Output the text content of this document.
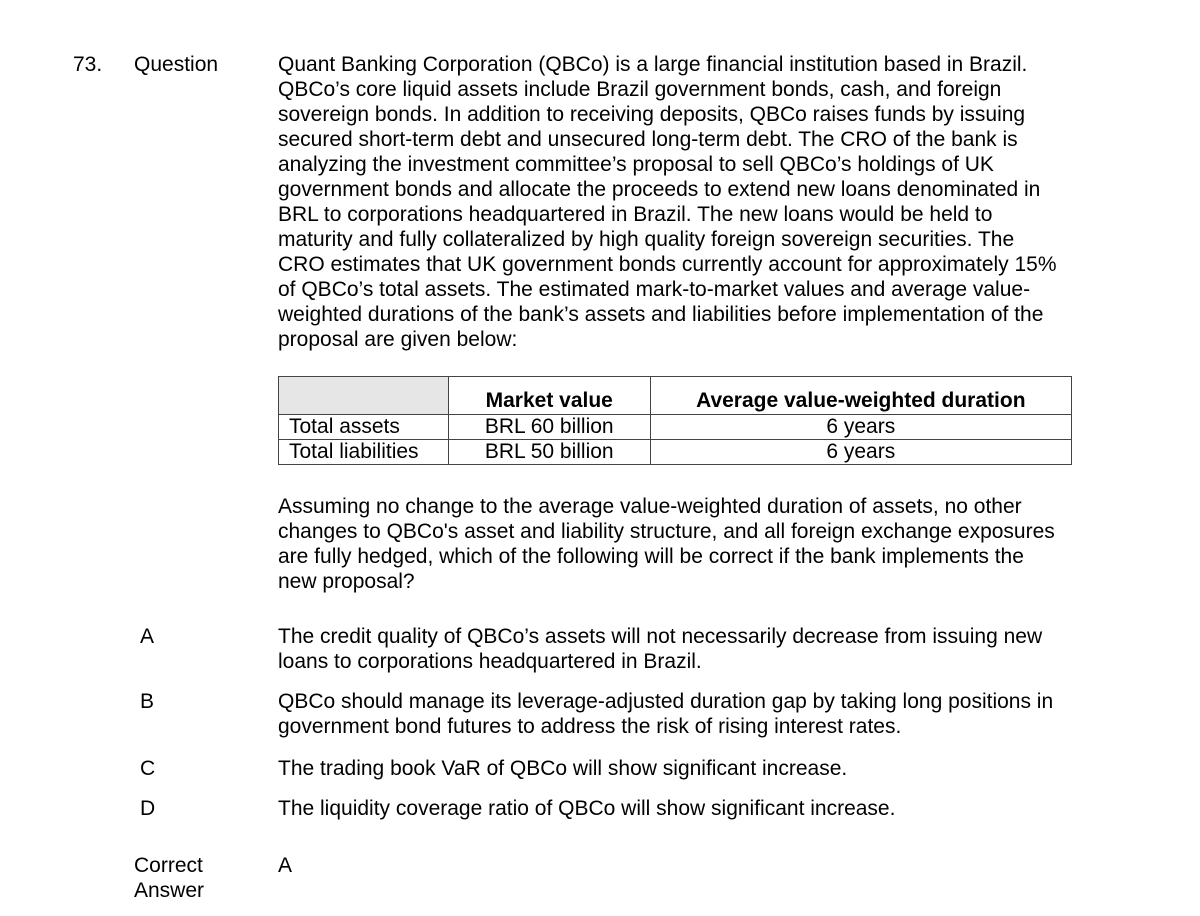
73. Question	Quant Banking Corporation (QBCo) is a large financial institution based in Brazil.
QBCo’s core liquid assets include Brazil government bonds, cash, and foreign
sovereign bonds. In addition to receiving deposits, QBCo raises funds by issuing
secured short-term debt and unsecured long-term debt. The CRO of the bank is
analyzing the investment committee’s proposal to sell QBCo’s holdings of UK
government bonds and allocate the proceeds to extend new loans denominated in
BRL to corporations headquartered in Brazil. The new loans would be held to
maturity and fully collateralized by high quality foreign sovereign securities. The
CRO estimates that UK government bonds currently account for approximately 15%
of QBCo’s total assets. The estimated mark-to-market values and average value-
weighted durations of the bank’s assets and liabilities before implementation of the
proposal are given below:
	Market value	Average value-weighted duration
Total assets	BRL 60 billion	6 years
Total liabilities	BRL 50 billion	6 years
Assuming no change to the average value-weighted duration of assets, no other
changes to QBCo's asset and liability structure, and all foreign exchange exposures
are fully hedged, which of the following will be correct if the bank implements the
new proposal?
A	The credit quality of QBCo’s assets will not necessarily decrease from issuing new
loans to corporations headquartered in Brazil.
B	QBCo should manage its leverage-adjusted duration gap by taking long positions in
government bond futures to address the risk of rising interest rates.
C	The trading book VaR of QBCo will show significant increase.
D	The liquidity coverage ratio of QBCo will show significant increase.
Correct
Answer
A
